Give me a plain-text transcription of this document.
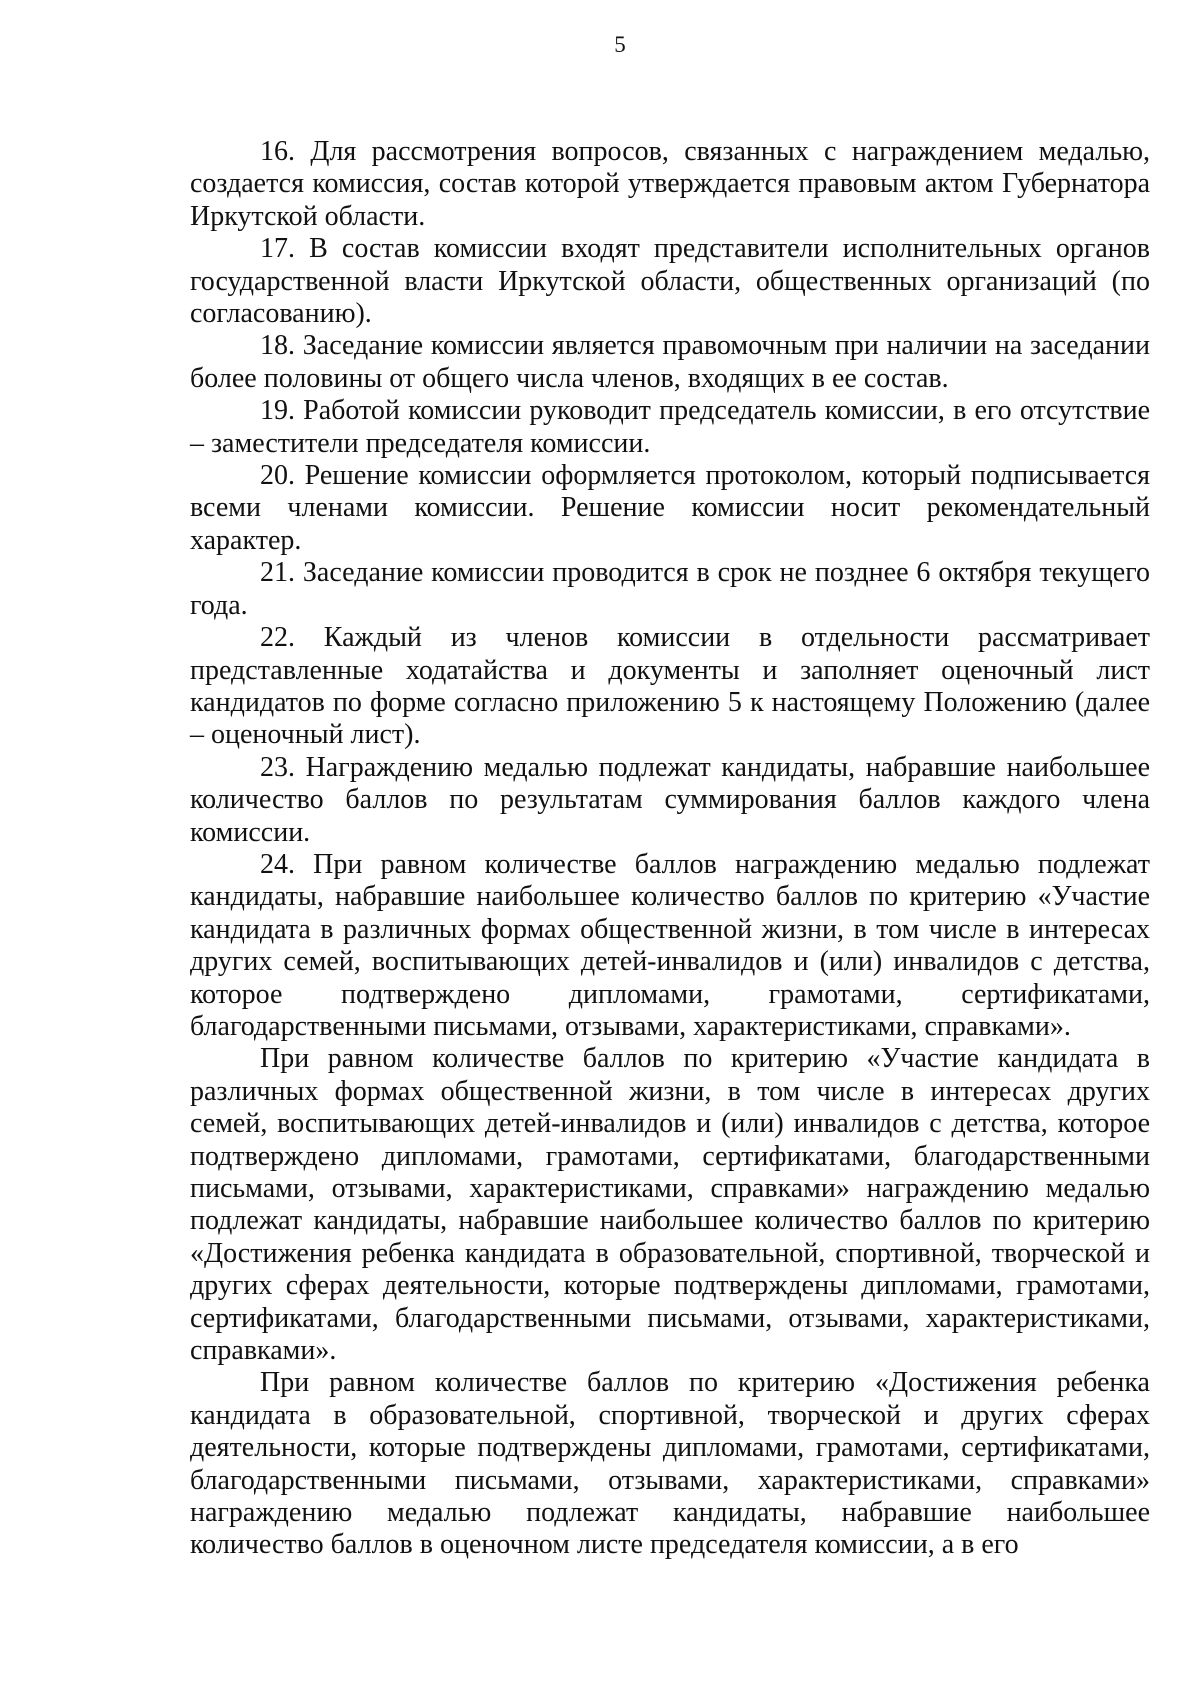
5

16. Для рассмотрения вопросов, связанных с награждением медалью, создается комиссия, состав которой утверждается правовым актом Губернатора Иркутской области.

17. В состав комиссии входят представители исполнительных органов государственной власти Иркутской области, общественных организаций (по согласованию).

18. Заседание комиссии является правомочным при наличии на заседании более половины от общего числа членов, входящих в ее состав.

19. Работой комиссии руководит председатель комиссии, в его отсутствие – заместители председателя комиссии.

20. Решение комиссии оформляется протоколом, который подписывается всеми членами комиссии. Решение комиссии носит рекомендательный характер.

21. Заседание комиссии проводится в срок не позднее 6 октября текущего года.

22. Каждый из членов комиссии в отдельности рассматривает представленные ходатайства и документы и заполняет оценочный лист кандидатов по форме согласно приложению 5 к настоящему Положению (далее – оценочный лист).

23. Награждению медалью подлежат кандидаты, набравшие наибольшее количество баллов по результатам суммирования баллов каждого члена комиссии.

24. При равном количестве баллов награждению медалью подлежат кандидаты, набравшие наибольшее количество баллов по критерию «Участие кандидата в различных формах общественной жизни, в том числе в интересах других семей, воспитывающих детей-инвалидов и (или) инвалидов с детства, которое подтверждено дипломами, грамотами, сертификатами, благодарственными письмами, отзывами, характеристиками, справками».

При равном количестве баллов по критерию «Участие кандидата в различных формах общественной жизни, в том числе в интересах других семей, воспитывающих детей-инвалидов и (или) инвалидов с детства, которое подтверждено дипломами, грамотами, сертификатами, благодарственными письмами, отзывами, характеристиками, справками» награждению медалью подлежат кандидаты, набравшие наибольшее количество баллов по критерию «Достижения ребенка кандидата в образовательной, спортивной, творческой и других сферах деятельности, которые подтверждены дипломами, грамотами, сертификатами, благодарственными письмами, отзывами, характеристиками, справками».

При равном количестве баллов по критерию «Достижения ребенка кандидата в образовательной, спортивной, творческой и других сферах деятельности, которые подтверждены дипломами, грамотами, сертификатами, благодарственными письмами, отзывами, характеристиками, справками» награждению медалью подлежат кандидаты, набравшие наибольшее количество баллов в оценочном листе председателя комиссии, а в его
